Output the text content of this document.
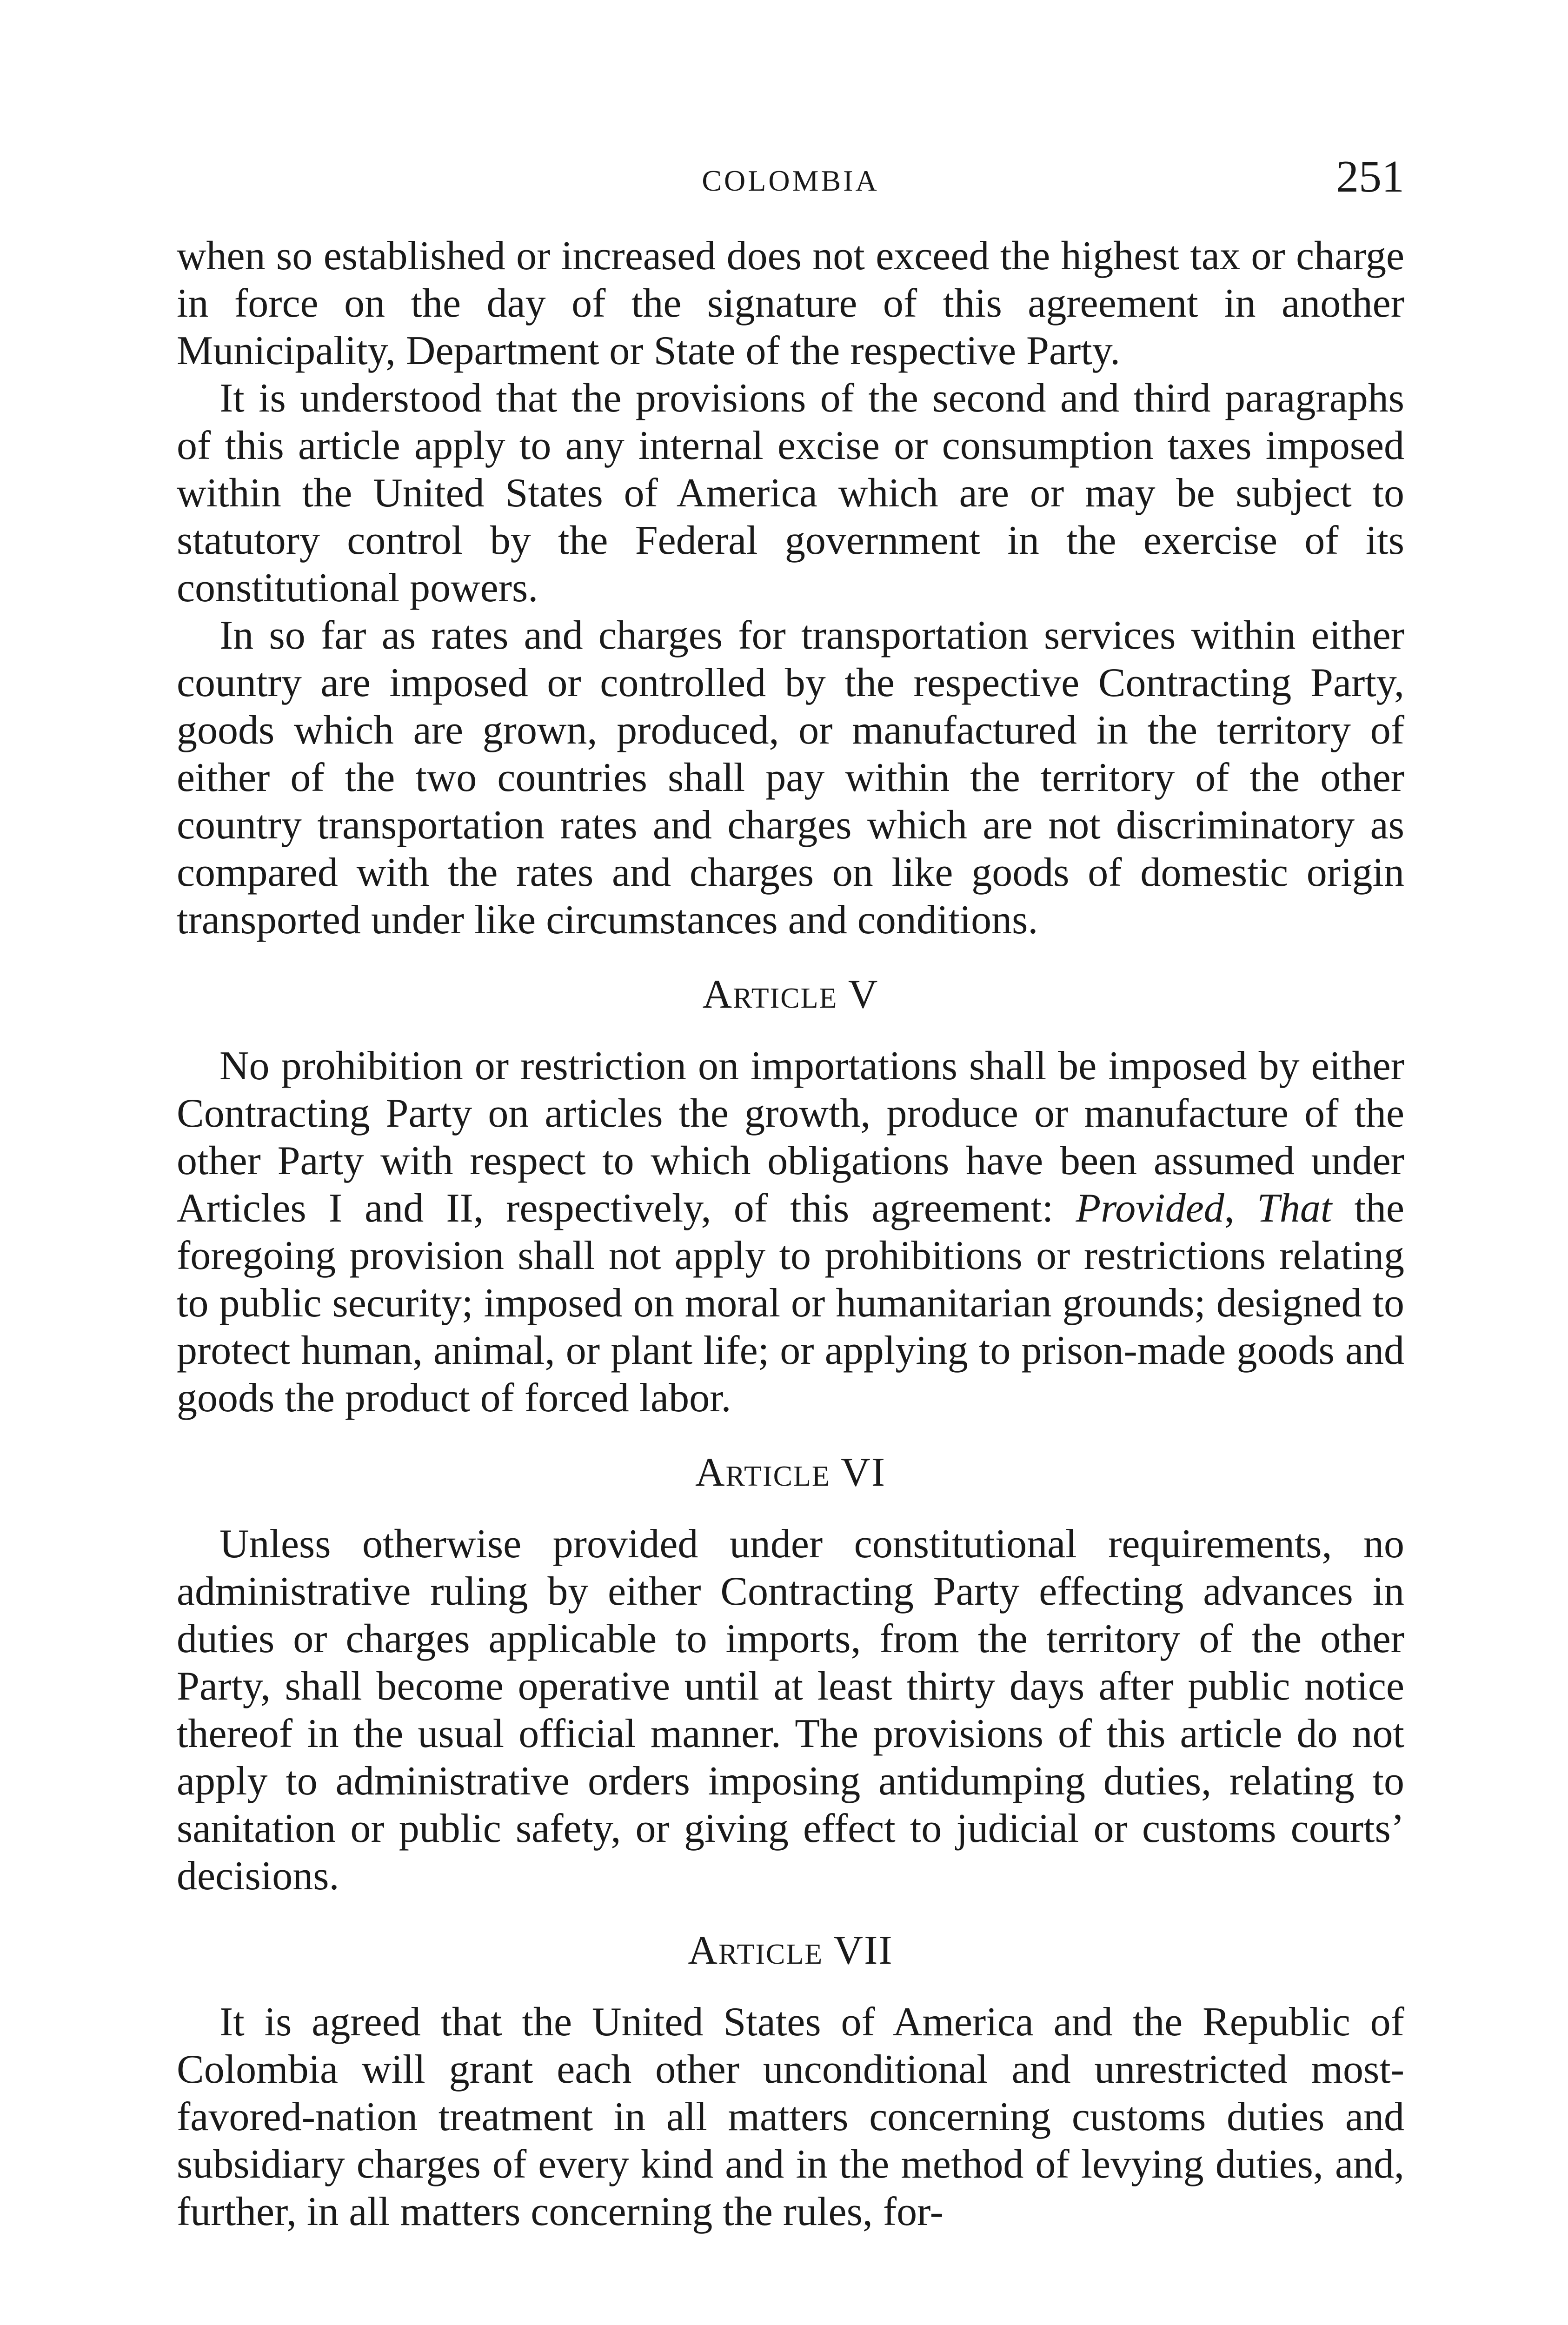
COLOMBIA	251

when so established or increased does not exceed the highest tax or charge in force on the day of the signature of this agreement in another Municipality, Department or State of the respective Party.

It is understood that the provisions of the second and third paragraphs of this article apply to any internal excise or consumption taxes imposed within the United States of America which are or may be subject to statutory control by the Federal government in the exercise of its constitutional powers.

In so far as rates and charges for transportation services within either country are imposed or controlled by the respective Contracting Party, goods which are grown, produced, or manufactured in the territory of either of the two countries shall pay within the territory of the other country transportation rates and charges which are not discriminatory as compared with the rates and charges on like goods of domestic origin transported under like circumstances and conditions.

Article V

No prohibition or restriction on importations shall be imposed by either Contracting Party on articles the growth, produce or manufacture of the other Party with respect to which obligations have been assumed under Articles I and II, respectively, of this agreement: Provided, That the foregoing provision shall not apply to prohibitions or restrictions relating to public security; imposed on moral or humanitarian grounds; designed to protect human, animal, or plant life; or applying to prison-made goods and goods the product of forced labor.

Article VI

Unless otherwise provided under constitutional requirements, no administrative ruling by either Contracting Party effecting advances in duties or charges applicable to imports, from the territory of the other Party, shall become operative until at least thirty days after public notice thereof in the usual official manner. The provisions of this article do not apply to administrative orders imposing antidumping duties, relating to sanitation or public safety, or giving effect to judicial or customs courts’ decisions.

Article VII

It is agreed that the United States of America and the Republic of Colombia will grant each other unconditional and unrestricted most-favored-nation treatment in all matters concerning customs duties and subsidiary charges of every kind and in the method of levying duties, and, further, in all matters concerning the rules, for-
